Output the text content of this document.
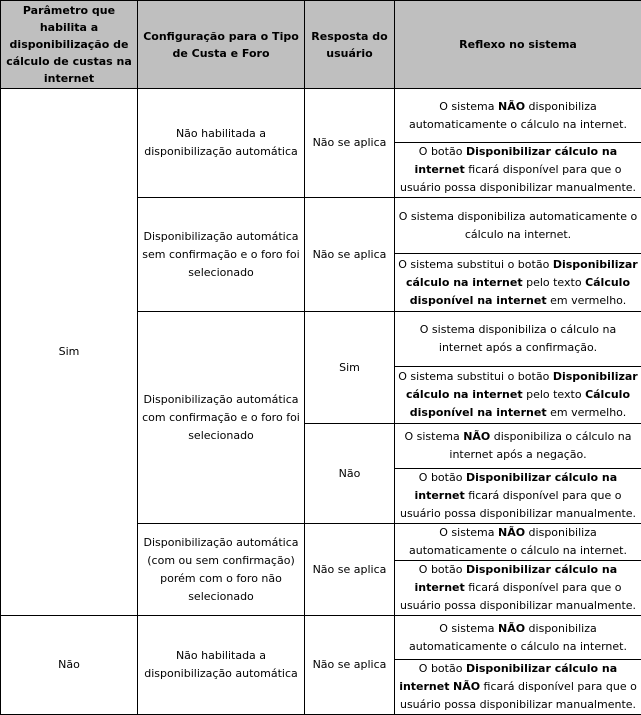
Parâmetro que habilita a disponibilização de cálculo de custas na internet	Configuração para o Tipo de Custa e Foro	Resposta do usuário	Reflexo no sistema
Sim	Não habilitada a disponibilização automática	Não se aplica	O sistema NÃO disponibiliza automaticamente o cálculo na internet.
			O botão Disponibilizar cálculo na internet ficará disponível para que o usuário possa disponibilizar manualmente.
	Disponibilização automática sem confirmação e o foro foi selecionado	Não se aplica	O sistema disponibiliza automaticamente o cálculo na internet.
			O sistema substitui o botão Disponibilizar cálculo na internet pelo texto Cálculo disponível na internet em vermelho.
	Disponibilização automática com confirmação e o foro foi selecionado	Sim	O sistema disponibiliza o cálculo na internet após a confirmação.
			O sistema substitui o botão Disponibilizar cálculo na internet pelo texto Cálculo disponível na internet em vermelho.
		Não	O sistema NÃO disponibiliza o cálculo na internet após a negação.
			O botão Disponibilizar cálculo na internet ficará disponível para que o usuário possa disponibilizar manualmente.
	Disponibilização automática (com ou sem confirmação) porém com o foro não selecionado	Não se aplica	O sistema NÃO disponibiliza automaticamente o cálculo na internet.
			O botão Disponibilizar cálculo na internet ficará disponível para que o usuário possa disponibilizar manualmente.
Não	Não habilitada a disponibilização automática	Não se aplica	O sistema NÃO disponibiliza automaticamente o cálculo na internet.
			O botão Disponibilizar cálculo na internet NÃO ficará disponível para que o usuário possa disponibilizar manualmente.
